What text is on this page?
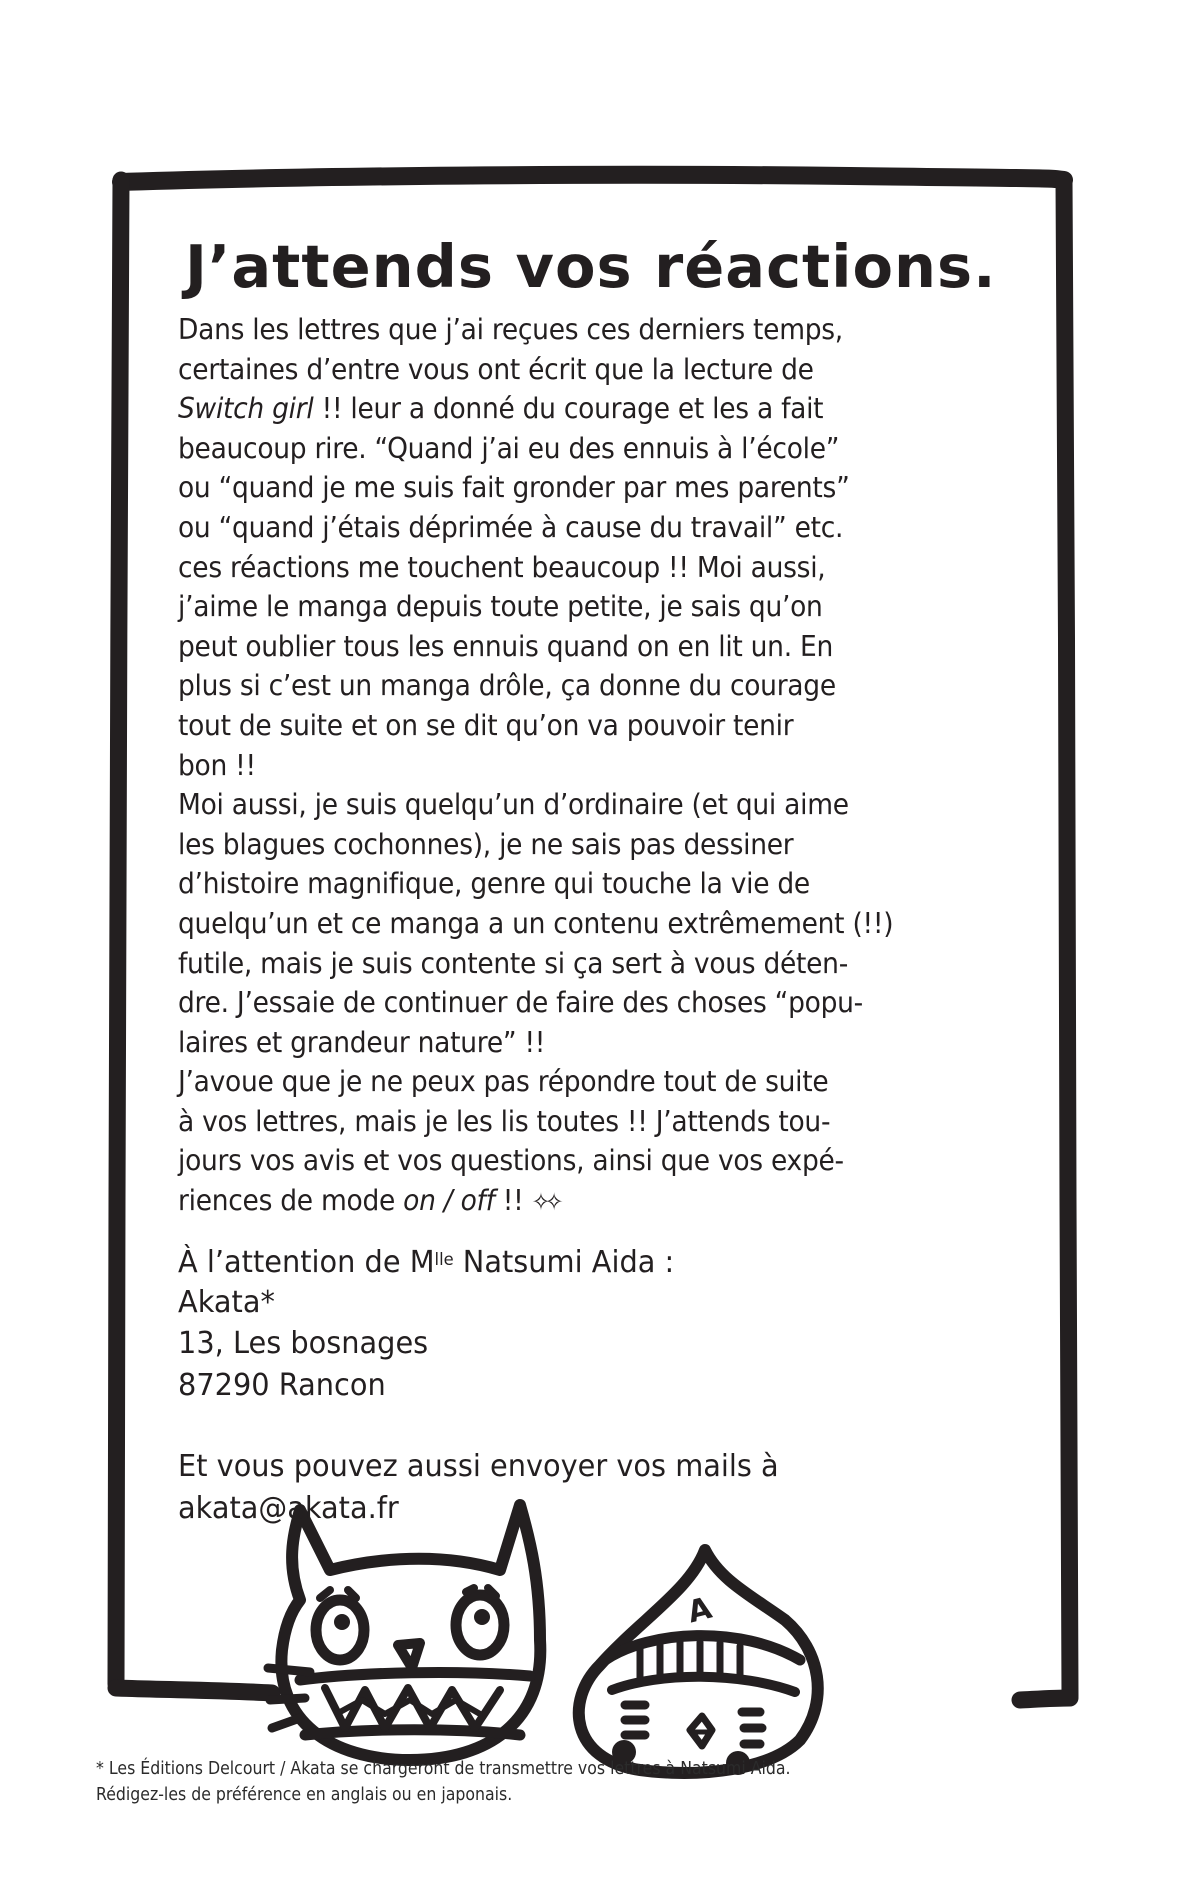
A
J’attends vos réactions.
Dans les lettres que j’ai reçues ces derniers temps,
certaines d’entre vous ont écrit que la lecture de
Switch girl !! leur a donné du courage et les a fait
beaucoup rire. “Quand j’ai eu des ennuis à l’école”
ou “quand je me suis fait gronder par mes parents”
ou “quand j’étais déprimée à cause du travail” etc.
ces réactions me touchent beaucoup !! Moi aussi,
j’aime le manga depuis toute petite, je sais qu’on
peut oublier tous les ennuis quand on en lit un. En
plus si c’est un manga drôle, ça donne du courage
tout de suite et on se dit qu’on va pouvoir tenir
bon !!
Moi aussi, je suis quelqu’un d’ordinaire (et qui aime
les blagues cochonnes), je ne sais pas dessiner
d’histoire magnifique, genre qui touche la vie de
quelqu’un et ce manga a un contenu extrêmement (!!)
futile, mais je suis contente si ça sert à vous déten-
dre. J’essaie de continuer de faire des choses “popu-
laires et grandeur nature” !!
J’avoue que je ne peux pas répondre tout de suite
à vos lettres, mais je les lis toutes !! J’attends tou-
jours vos avis et vos questions, ainsi que vos expé-
riences de mode on / off !! ✧✧
À l’attention de $M^{lle}$ Natsumi Aida :
Akata*
13, Les bosnages
87290 Rancon
Et vous pouvez aussi envoyer vos mails à
akata@akata.fr
* Les Éditions Delcourt / Akata se chargeront de transmettre vos lettres à Natsumi Aida.
Rédigez-les de préférence en anglais ou en japonais.
